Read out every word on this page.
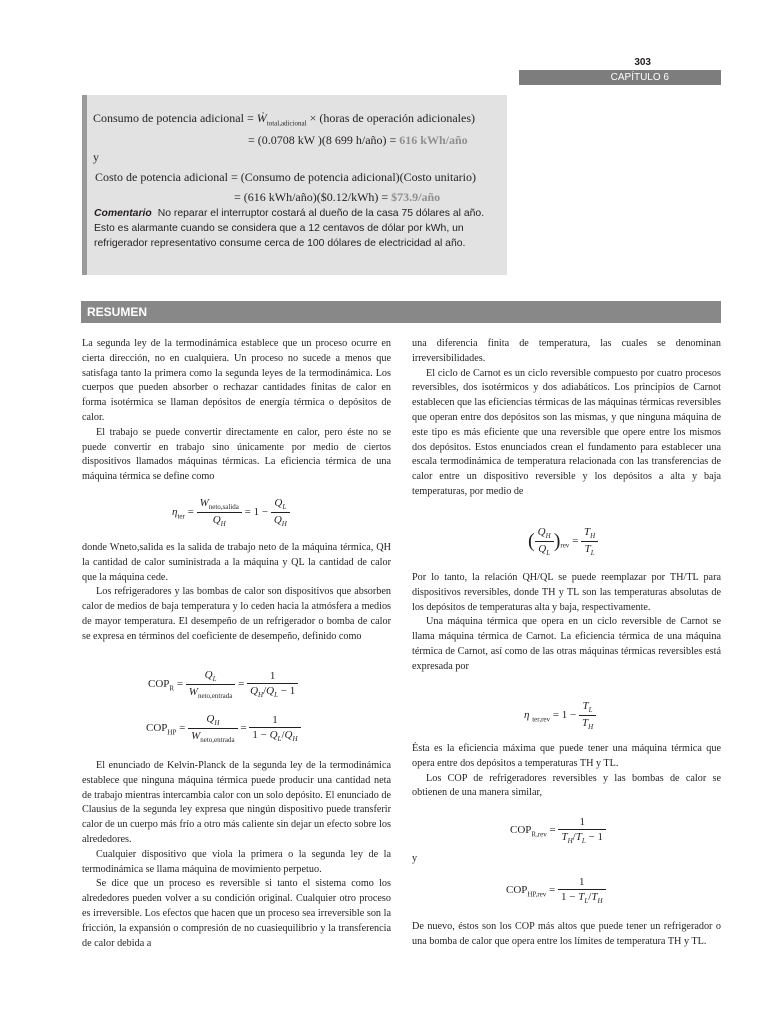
303
CAPÍTULO 6
Consumo de potencia adicional = Ẇ$_{total,adicional}$ × (horas de operación adicionales)
= (0.0708 kW )(8 699 h/año) = 616 kWh/año
y
Costo de potencia adicional = (Consumo de potencia adicional)(Costo unitario)
= (616 kWh/año)($0.12/kWh) = $73.9/año
Comentario No reparar el interruptor costará al dueño de la casa 75 dólares al año. Esto es alarmante cuando se considera que a 12 centavos de dólar por kWh, un refrigerador representativo consume cerca de 100 dólares de electricidad al año.
RESUMEN

La segunda ley de la termodinámica establece que un proceso ocurre en cierta dirección, no en cualquiera. Un proceso no sucede a menos que satisfaga tanto la primera como la segunda leyes de la termodinámica. Los cuerpos que pueden absorber o rechazar cantidades finitas de calor en forma isotérmica se llaman depósitos de energía térmica o depósitos de calor.

El trabajo se puede convertir directamente en calor, pero éste no se puede convertir en trabajo sino únicamente por medio de ciertos dispositivos llamados máquinas térmicas. La eficiencia térmica de una máquina térmica se define como

$\eta_{ter} = \frac{W_{neto,salida}}{Q_H} = 1 - \frac{Q_L}{Q_H}$

donde Wneto,salida es la salida de trabajo neto de la máquina térmica, QH la cantidad de calor suministrada a la máquina y QL la cantidad de calor que la máquina cede.

Los refrigeradores y las bombas de calor son dispositivos que absorben calor de medios de baja temperatura y lo ceden hacia la atmósfera a medios de mayor temperatura. El desempeño de un refrigerador o bomba de calor se expresa en términos del coeficiente de desempeño, definido como

$COP_R = \frac{Q_L}{W_{neto,entrada}} = \frac{1}{Q_H/Q_L - 1}$
$COP_{HP} = \frac{Q_H}{W_{neto,entrada}} = \frac{1}{1 - Q_L/Q_H}$

El enunciado de Kelvin-Planck de la segunda ley de la termodinámica establece que ninguna máquina térmica puede producir una cantidad neta de trabajo mientras intercambia calor con un solo depósito. El enunciado de Clausius de la segunda ley expresa que ningún dispositivo puede transferir calor de un cuerpo más frío a otro más caliente sin dejar un efecto sobre los alrededores.

Cualquier dispositivo que viola la primera o la segunda ley de la termodinámica se llama máquina de movimiento perpetuo.

Se dice que un proceso es reversible si tanto el sistema como los alrededores pueden volver a su condición original. Cualquier otro proceso es irreversible. Los efectos que hacen que un proceso sea irreversible son la fricción, la expansión o compresión de no cuasiequilibrio y la transferencia de calor debida a

una diferencia finita de temperatura, las cuales se denominan irreversibilidades.

El ciclo de Carnot es un ciclo reversible compuesto por cuatro procesos reversibles, dos isotérmicos y dos adiabáticos. Los principios de Carnot establecen que las eficiencias térmicas de las máquinas térmicas reversibles que operan entre dos depósitos son las mismas, y que ninguna máquina de este tipo es más eficiente que una reversible que opere entre los mismos dos depósitos. Estos enunciados crean el fundamento para establecer una escala termodinámica de temperatura relacionada con las transferencias de calor entre un dispositivo reversible y los depósitos a alta y baja temperaturas, por medio de

( $\frac{Q_H}{Q_L} )_{rev} = \frac{T_H}{T_L}$

Por lo tanto, la relación QH/QL se puede reemplazar por TH/TL para dispositivos reversibles, donde TH y TL son las temperaturas absolutas de los depósitos de temperaturas alta y baja, respectivamente.

Una máquina térmica que opera en un ciclo reversible de Carnot se llama máquina térmica de Carnot. La eficiencia térmica de una máquina térmica de Carnot, así como de las otras máquinas térmicas reversibles está expresada por

η $_{ter,rev} = 1 - \frac{T_L}{T_H}$

Ésta es la eficiencia máxima que puede tener una máquina térmica que opera entre dos depósitos a temperaturas TH y TL.

Los COP de refrigeradores reversibles y las bombas de calor se obtienen de una manera similar,

$COP_{R,rev} = \frac{1}{T_H/T_L - 1}$
y
$COP_{HP,rev} = \frac{1}{1 - T_L/T_H}$

De nuevo, éstos son los COP más altos que puede tener un refrigerador o una bomba de calor que opera entre los límites de temperatura TH y TL.
